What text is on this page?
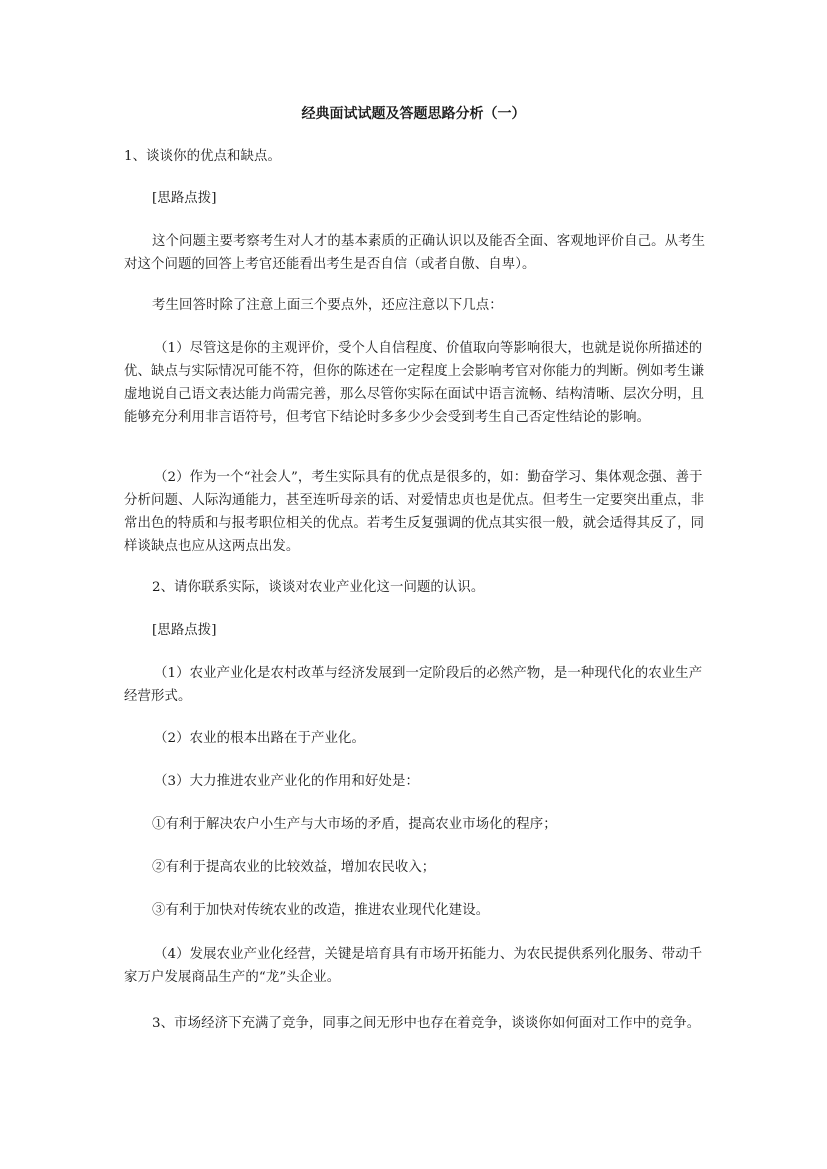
经典面试试题及答题思路分析（一）

1、谈谈你的优点和缺点。

[思路点拨]

这个问题主要考察考生对人才的基本素质的正确认识以及能否全面、客观地评价自己。从考生对这个问题的回答上考官还能看出考生是否自信（或者自傲、自卑）。

考生回答时除了注意上面三个要点外，还应注意以下几点：

（1）尽管这是你的主观评价，受个人自信程度、价值取向等影响很大，也就是说你所描述的优、缺点与实际情况可能不符，但你的陈述在一定程度上会影响考官对你能力的判断。例如考生谦虚地说自己语文表达能力尚需完善，那么尽管你实际在面试中语言流畅、结构清晰、层次分明，且能够充分利用非言语符号，但考官下结论时多多少少会受到考生自己否定性结论的影响。

（2）作为一个“社会人”，考生实际具有的优点是很多的，如：勤奋学习、集体观念强、善于分析问题、人际沟通能力，甚至连听母亲的话、对爱情忠贞也是优点。但考生一定要突出重点，非常出色的特质和与报考职位相关的优点。若考生反复强调的优点其实很一般，就会适得其反了，同样谈缺点也应从这两点出发。

2、请你联系实际，谈谈对农业产业化这一问题的认识。

[思路点拨]

（1）农业产业化是农村改革与经济发展到一定阶段后的必然产物，是一种现代化的农业生产经营形式。

（2）农业的根本出路在于产业化。

（3）大力推进农业产业化的作用和好处是：

①有利于解决农户小生产与大市场的矛盾，提高农业市场化的程序；

②有利于提高农业的比较效益，增加农民收入；

③有利于加快对传统农业的改造，推进农业现代化建设。

（4）发展农业产业化经营，关键是培育具有市场开拓能力、为农民提供系列化服务、带动千家万户发展商品生产的“龙”头企业。

3、市场经济下充满了竞争，同事之间无形中也存在着竞争，谈谈你如何面对工作中的竞争。
